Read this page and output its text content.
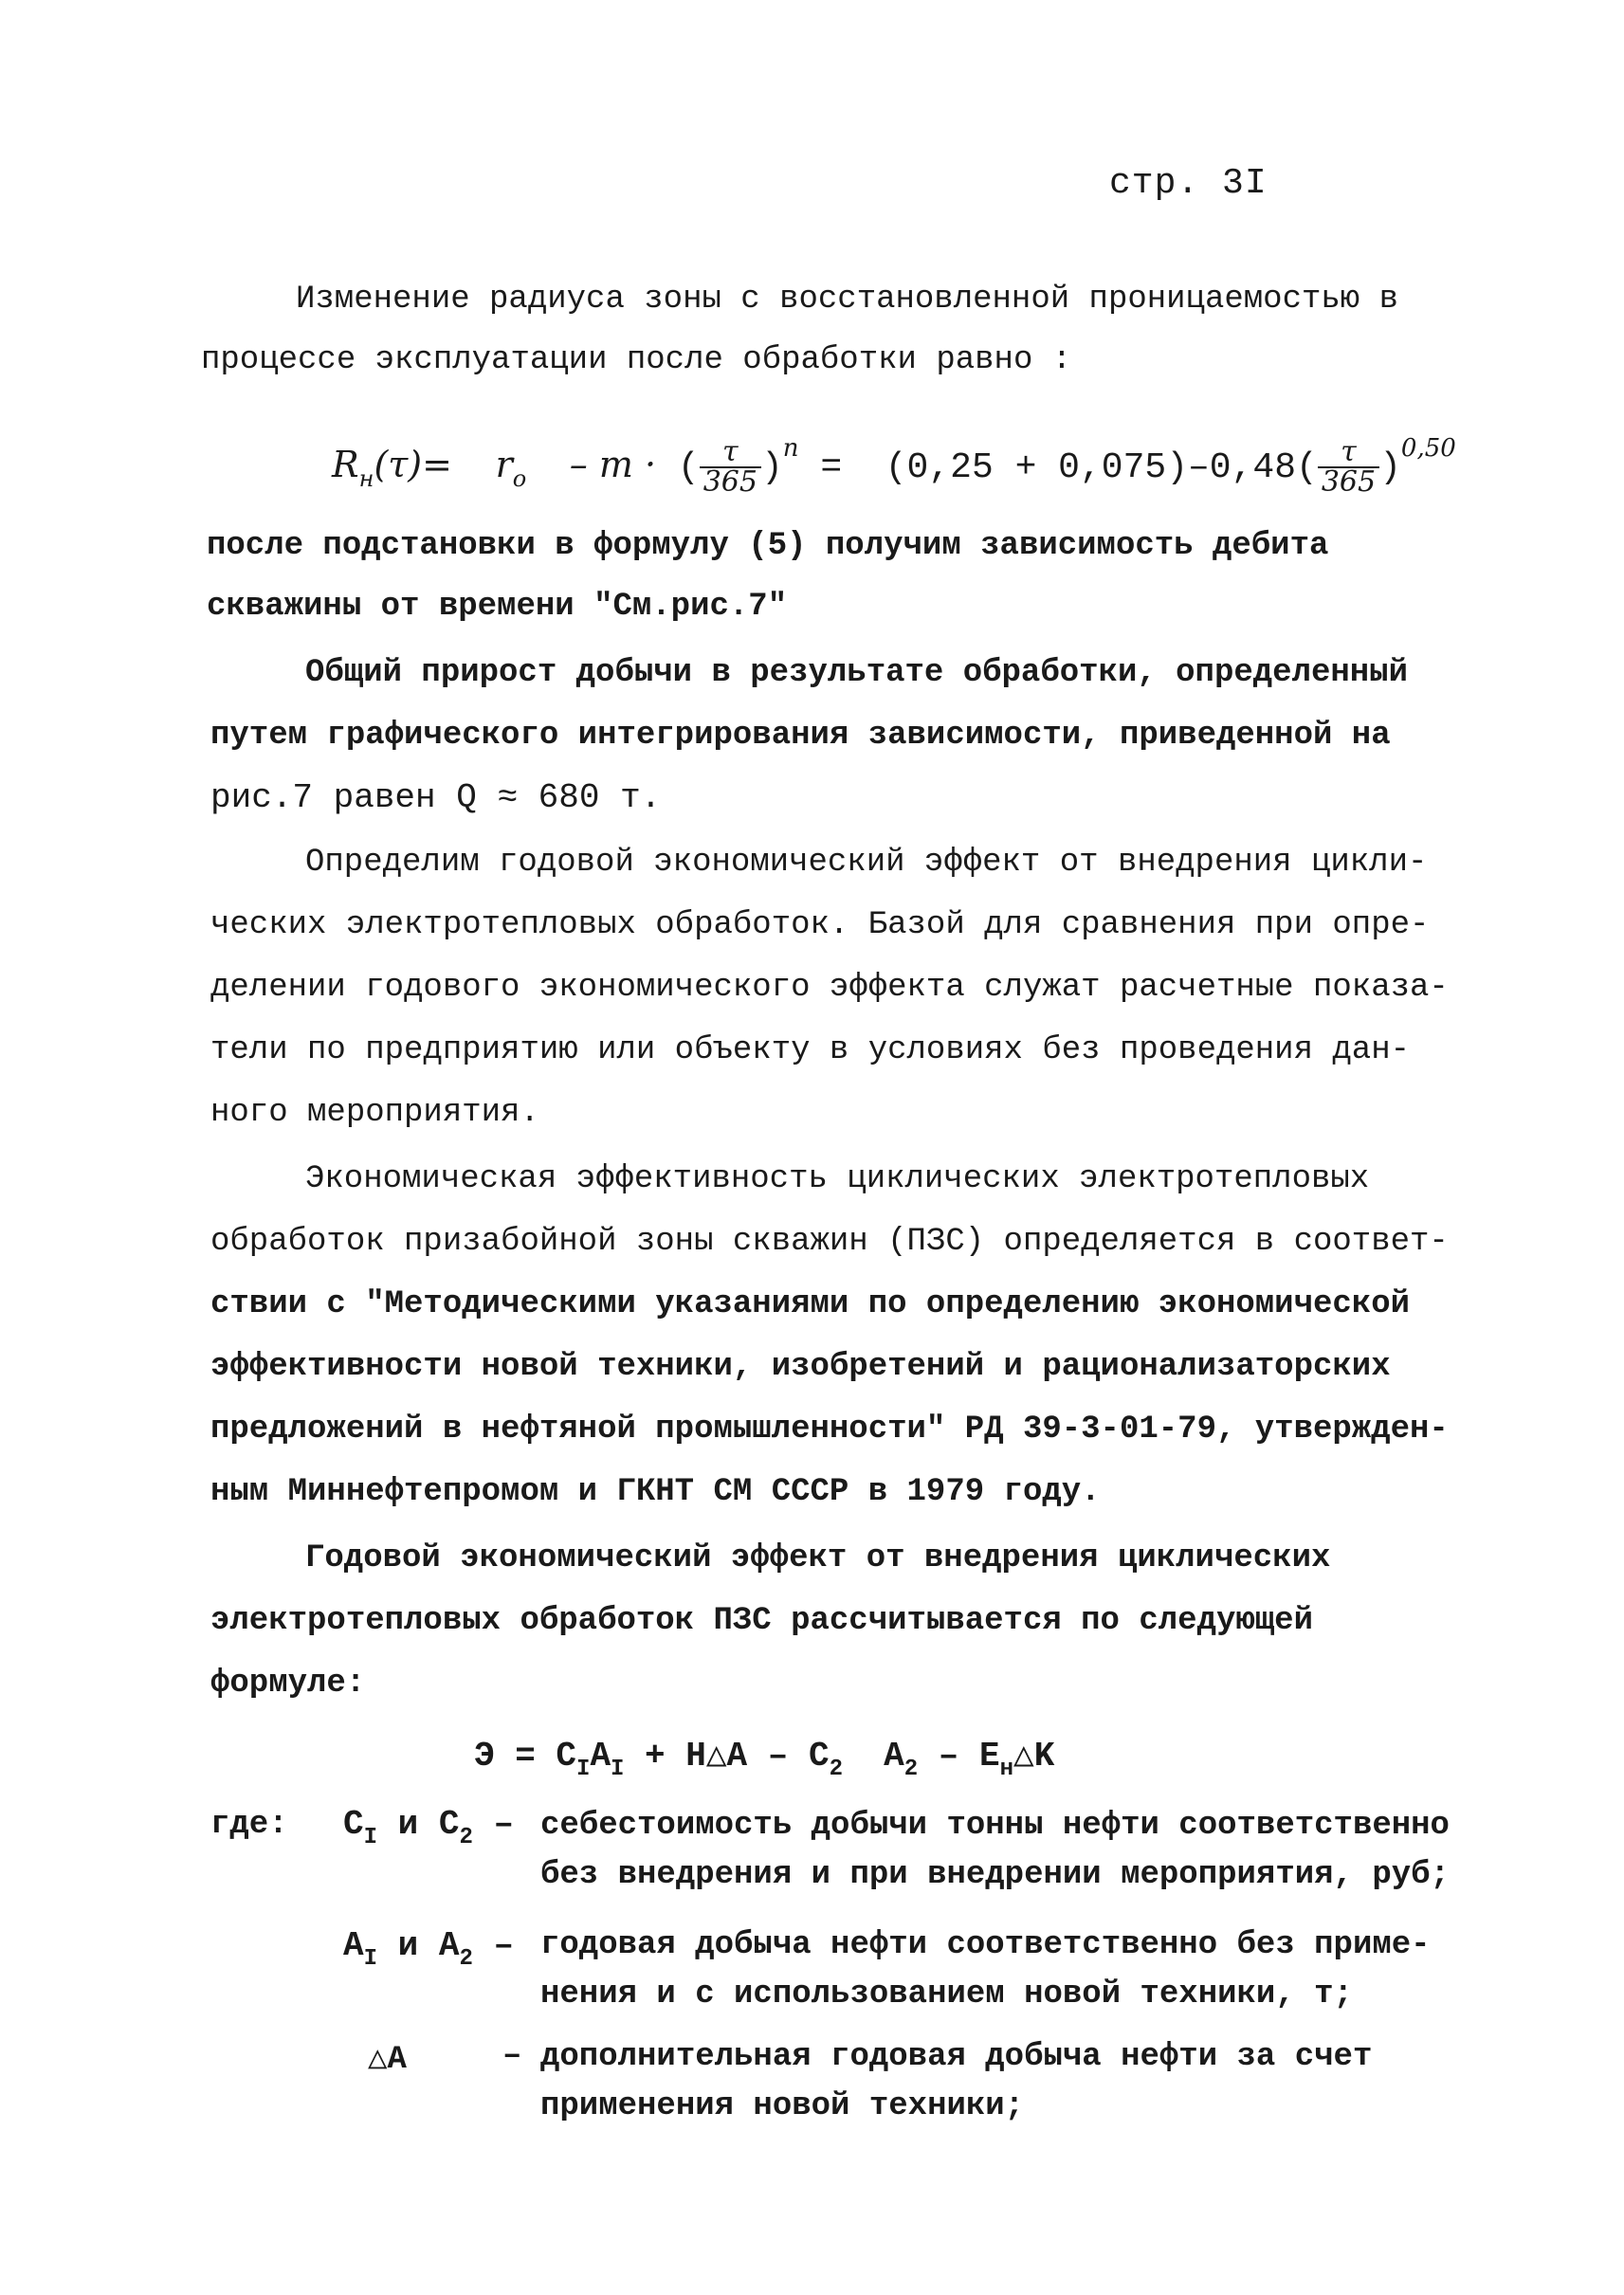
стр. 3I
Изменение радиуса зоны с восстановленной проницаемостью в
процессе эксплуатации после обработки равно :
$R_н(\tau)= r_o - m$ · ( $\frac{\tau}{365} )^n = (0,25 + 0,075)-0,48( \frac{\tau}{365} )^{0,50}$
после подстановки в формулу (5) получим зависимость дебита
скважины от времени "См.рис.7"
Общий прирост добычи в результате обработки, определенный
путем графического интегрирования зависимости, приведенной на
рис.7 равен Q ≈ 680 т.
Определим годовой экономический эффект от внедрения цикли-
ческих электротепловых обработок. Базой для сравнения при опре-
делении годового экономического эффекта служат расчетные показа-
тели по предприятию или объекту в условиях без проведения дан-
ного мероприятия.
Экономическая эффективность циклических электротепловых
обработок призабойной зоны скважин (ПЗС) определяется в соответ-
ствии с "Методическими указаниями по определению экономической
эффективности новой техники, изобретений и рационализаторских
предложений в нефтяной промышленности" РД 39-3-01-79, утвержден-
ным Миннефтепромом и ГКНТ СМ СССР в 1979 году.
Годовой экономический эффект от внедрения циклических
электротепловых обработок ПЗС рассчитывается по следующей
формуле:
$Э = C_IA_I$ + Н△A – $C_2$  $A_2$ – $E_н\triangle K$
где: $C_I$ и $C_2$ – себестоимость добычи тонны нефти соответственно
без внедрения и при внедрении мероприятия, руб;
$A_I$ и $A_2$ – годовая добыча нефти соответственно без приме-
нения и с использованием новой техники, т;
△A	– дополнительная годовая добыча нефти за счет
применения новой техники;
